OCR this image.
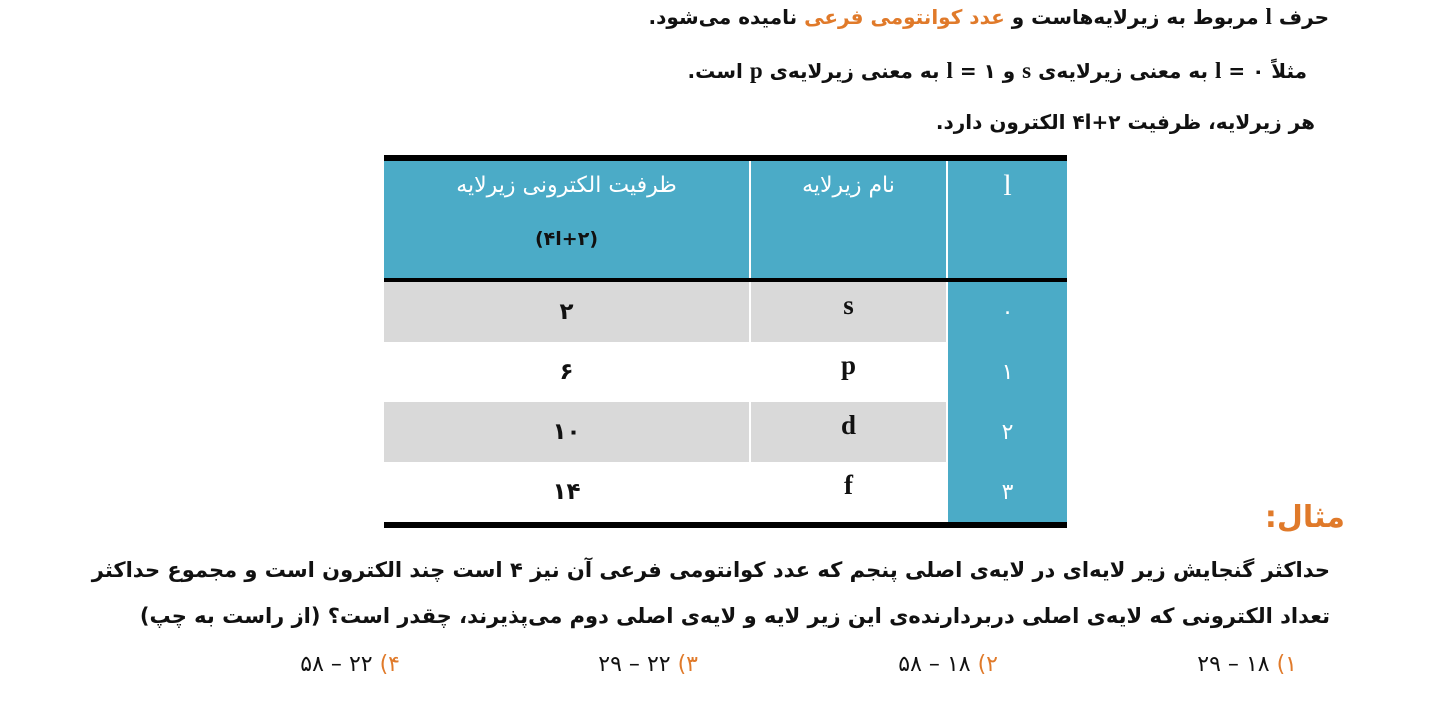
حرف l مربوط به زیرلایه‌هاست و عدد کوانتومی فرعی نامیده می‌شود.
مثلاً ۰ = l به معنی زیرلایه‌ی s و ۱ = l به معنی زیرلایه‌ی p است.
هر زیرلایه، ظرفیت ۲+۴l الکترون دارد.
l	نام زیرلایه	ظرفیت الکترونی زیرلایه
(۴l+۲)

۰	s	۲
۱	p	۶
۲	d	۱۰
۳	f	۱۴
مثال:
حداکثر گنجایش زیر لایه‌ای در لایه‌ی اصلی پنجم که عدد کوانتومی فرعی آن نیز ۴ است چند الکترون است و مجموع حداکثر
تعداد الکترونی که لایه‌ی اصلی دربردارنده‌ی این زیر لایه و لایه‌ی اصلی دوم می‌پذیرند، چقدر است؟ (از راست به چپ)
۱) ۱۸ – ۲۹
۲) ۱۸ – ۵۸
۳) ۲۲ – ۲۹
۴) ۲۲ – ۵۸
